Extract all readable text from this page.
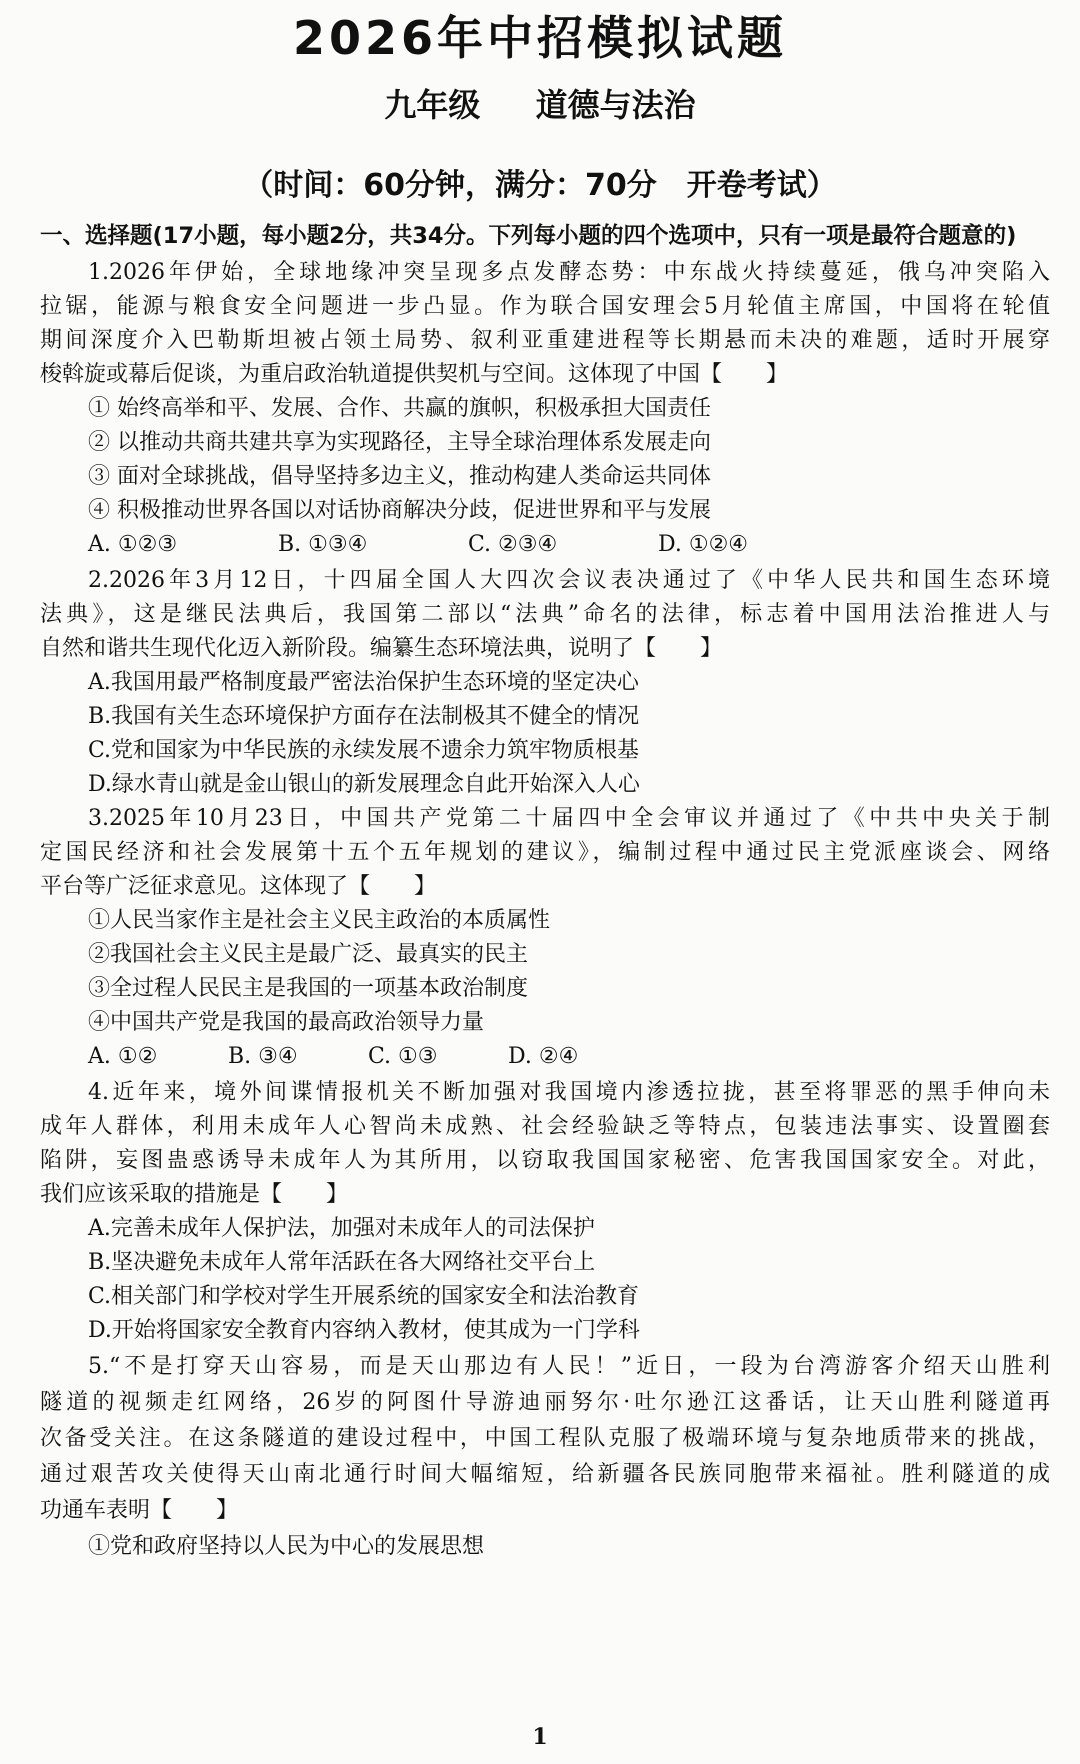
2026年中招模拟试题
九年级 道德与法治
（时间：60分钟，满分：70分　开卷考试）
一、选择题(17小题，每小题2分，共34分。下列每小题的四个选项中，只有一项是最符合题意的)
1.2026年伊始，全球地缘冲突呈现多点发酵态势：中东战火持续蔓延，俄乌冲突陷入
拉锯，能源与粮食安全问题进一步凸显。作为联合国安理会5月轮值主席国，中国将在轮值
期间深度介入巴勒斯坦被占领土局势、叙利亚重建进程等长期悬而未决的难题，适时开展穿
梭斡旋或幕后促谈，为重启政治轨道提供契机与空间。这体现了中国【　　】
① 始终高举和平、发展、合作、共赢的旗帜，积极承担大国责任
② 以推动共商共建共享为实现路径，主导全球治理体系发展走向
③ 面对全球挑战，倡导坚持多边主义，推动构建人类命运共同体
④ 积极推动世界各国以对话协商解决分歧，促进世界和平与发展
A. ①②③	B. ①③④	C. ②③④	D. ①②④
2.2026年3月12日，十四届全国人大四次会议表决通过了《中华人民共和国生态环境
法典》，这是继民法典后，我国第二部以“法典”命名的法律，标志着中国用法治推进人与
自然和谐共生现代化迈入新阶段。编纂生态环境法典，说明了【　　】
A.我国用最严格制度最严密法治保护生态环境的坚定决心
B.我国有关生态环境保护方面存在法制极其不健全的情况
C.党和国家为中华民族的永续发展不遗余力筑牢物质根基
D.绿水青山就是金山银山的新发展理念自此开始深入人心
3.2025年10月23日，中国共产党第二十届四中全会审议并通过了《中共中央关于制
定国民经济和社会发展第十五个五年规划的建议》，编制过程中通过民主党派座谈会、网络
平台等广泛征求意见。这体现了【　　】
①人民当家作主是社会主义民主政治的本质属性
②我国社会主义民主是最广泛、最真实的民主
③全过程人民民主是我国的一项基本政治制度
④中国共产党是我国的最高政治领导力量
A. ①②	B. ③④	C. ①③	D. ②④
4.近年来，境外间谍情报机关不断加强对我国境内渗透拉拢，甚至将罪恶的黑手伸向未
成年人群体，利用未成年人心智尚未成熟、社会经验缺乏等特点，包装违法事实、设置圈套
陷阱，妄图蛊惑诱导未成年人为其所用，以窃取我国国家秘密、危害我国国家安全。对此，
我们应该采取的措施是【　　】
A.完善未成年人保护法，加强对未成年人的司法保护
B.坚决避免未成年人常年活跃在各大网络社交平台上
C.相关部门和学校对学生开展系统的国家安全和法治教育
D.开始将国家安全教育内容纳入教材，使其成为一门学科
5.“不是打穿天山容易，而是天山那边有人民！”近日，一段为台湾游客介绍天山胜利
隧道的视频走红网络，26岁的阿图什导游迪丽努尔·吐尔逊江这番话，让天山胜利隧道再
次备受关注。在这条隧道的建设过程中，中国工程队克服了极端环境与复杂地质带来的挑战，
通过艰苦攻关使得天山南北通行时间大幅缩短，给新疆各民族同胞带来福祉。胜利隧道的成
功通车表明【　　】
①党和政府坚持以人民为中心的发展思想
1
